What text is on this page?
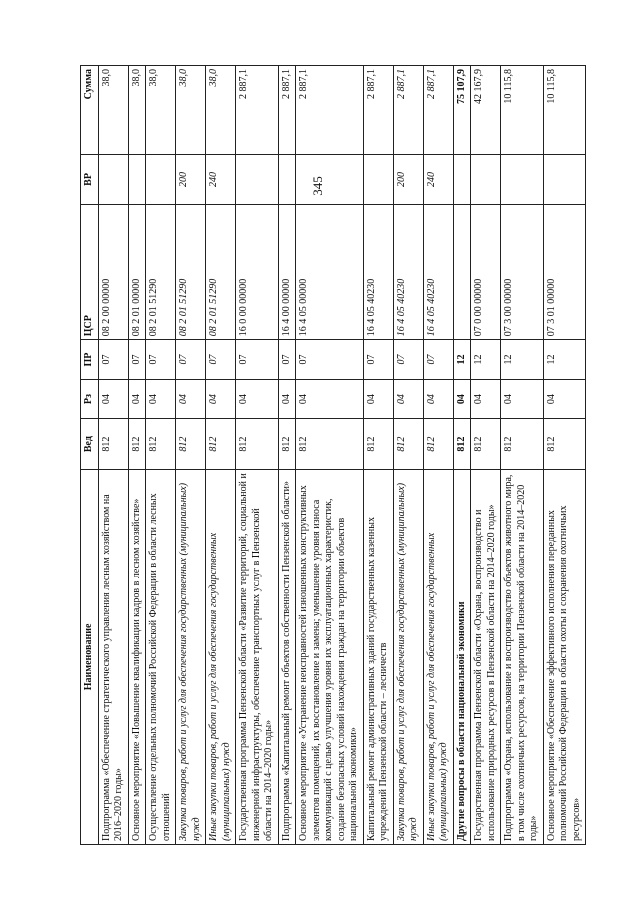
345
Наименование	Вед	Рз	ПР	ЦСР	ВР	Сумма
Подпрограмма «Обеспечение стратегического управления лесным хозяйством на 2016–2020 годы»	812	04	07	08 2 00 00000		38,0
Основное мероприятие «Повышение квалификации кадров в лесном хозяйстве»	812	04	07	08 2 01 00000		38,0
Осуществление отдельных полномочий Российской Федерации в области лесных отношений	812	04	07	08 2 01 51290		38,0
Закупка товаров, работ и услуг для обеспечения государственных (муниципальных) нужд	812	04	07	08 2 01 51290	200	38,0
Иные закупки товаров, работ и услуг для обеспечения государственных (муниципальных) нужд	812	04	07	08 2 01 51290	240	38,0
Государственная программа Пензенской области «Развитие территорий, социальной и инженерной инфраструктуры, обеспечение транспортных услуг в Пензенской области на 2014–2020 годы»	812	04	07	16 0 00 00000		2 887,1
Подпрограмма «Капитальный ремонт объектов собственности Пензенской области»	812	04	07	16 4 00 00000		2 887,1
Основное мероприятие «Устранение неисправностей изношенных конструктивных элементов помещений, их восстановление и замена; уменьшение уровня износа коммуникаций с целью улучшения уровня их эксплуатационных характеристик, создание безопасных условий нахождения граждан на территории объектов национальной экономики»	812	04	07	16 4 05 00000		2 887,1
Капитальный ремонт административных зданий государственных казенных учреждений Пензенской области – лесничеств	812	04	07	16 4 05 40230		2 887,1
Закупка товаров, работ и услуг для обеспечения государственных (муниципальных) нужд	812	04	07	16 4 05 40230	200	2 887,1
Иные закупки товаров, работ и услуг для обеспечения государственных (муниципальных) нужд	812	04	07	16 4 05 40230	240	2 887,1
Другие вопросы в области национальной экономики	812	04	12			75 107,9
Государственная программа Пензенской области «Охрана, воспроизводство и использование природных ресурсов в Пензенской области на 2014–2020 годы»	812	04	12	07 0 00 00000		42 167,9
Подпрограмма «Охрана, использование и воспроизводство объектов животного мира, в том числе охотничьих ресурсов, на территории Пензенской области на 2014–2020 годы»	812	04	12	07 3 00 00000		10 115,8
Основное мероприятие «Обеспечение эффективного исполнения переданных полномочий Российской Федерации в области охоты и сохранения охотничьих ресурсов»	812	04	12	07 3 01 00000		10 115,8
